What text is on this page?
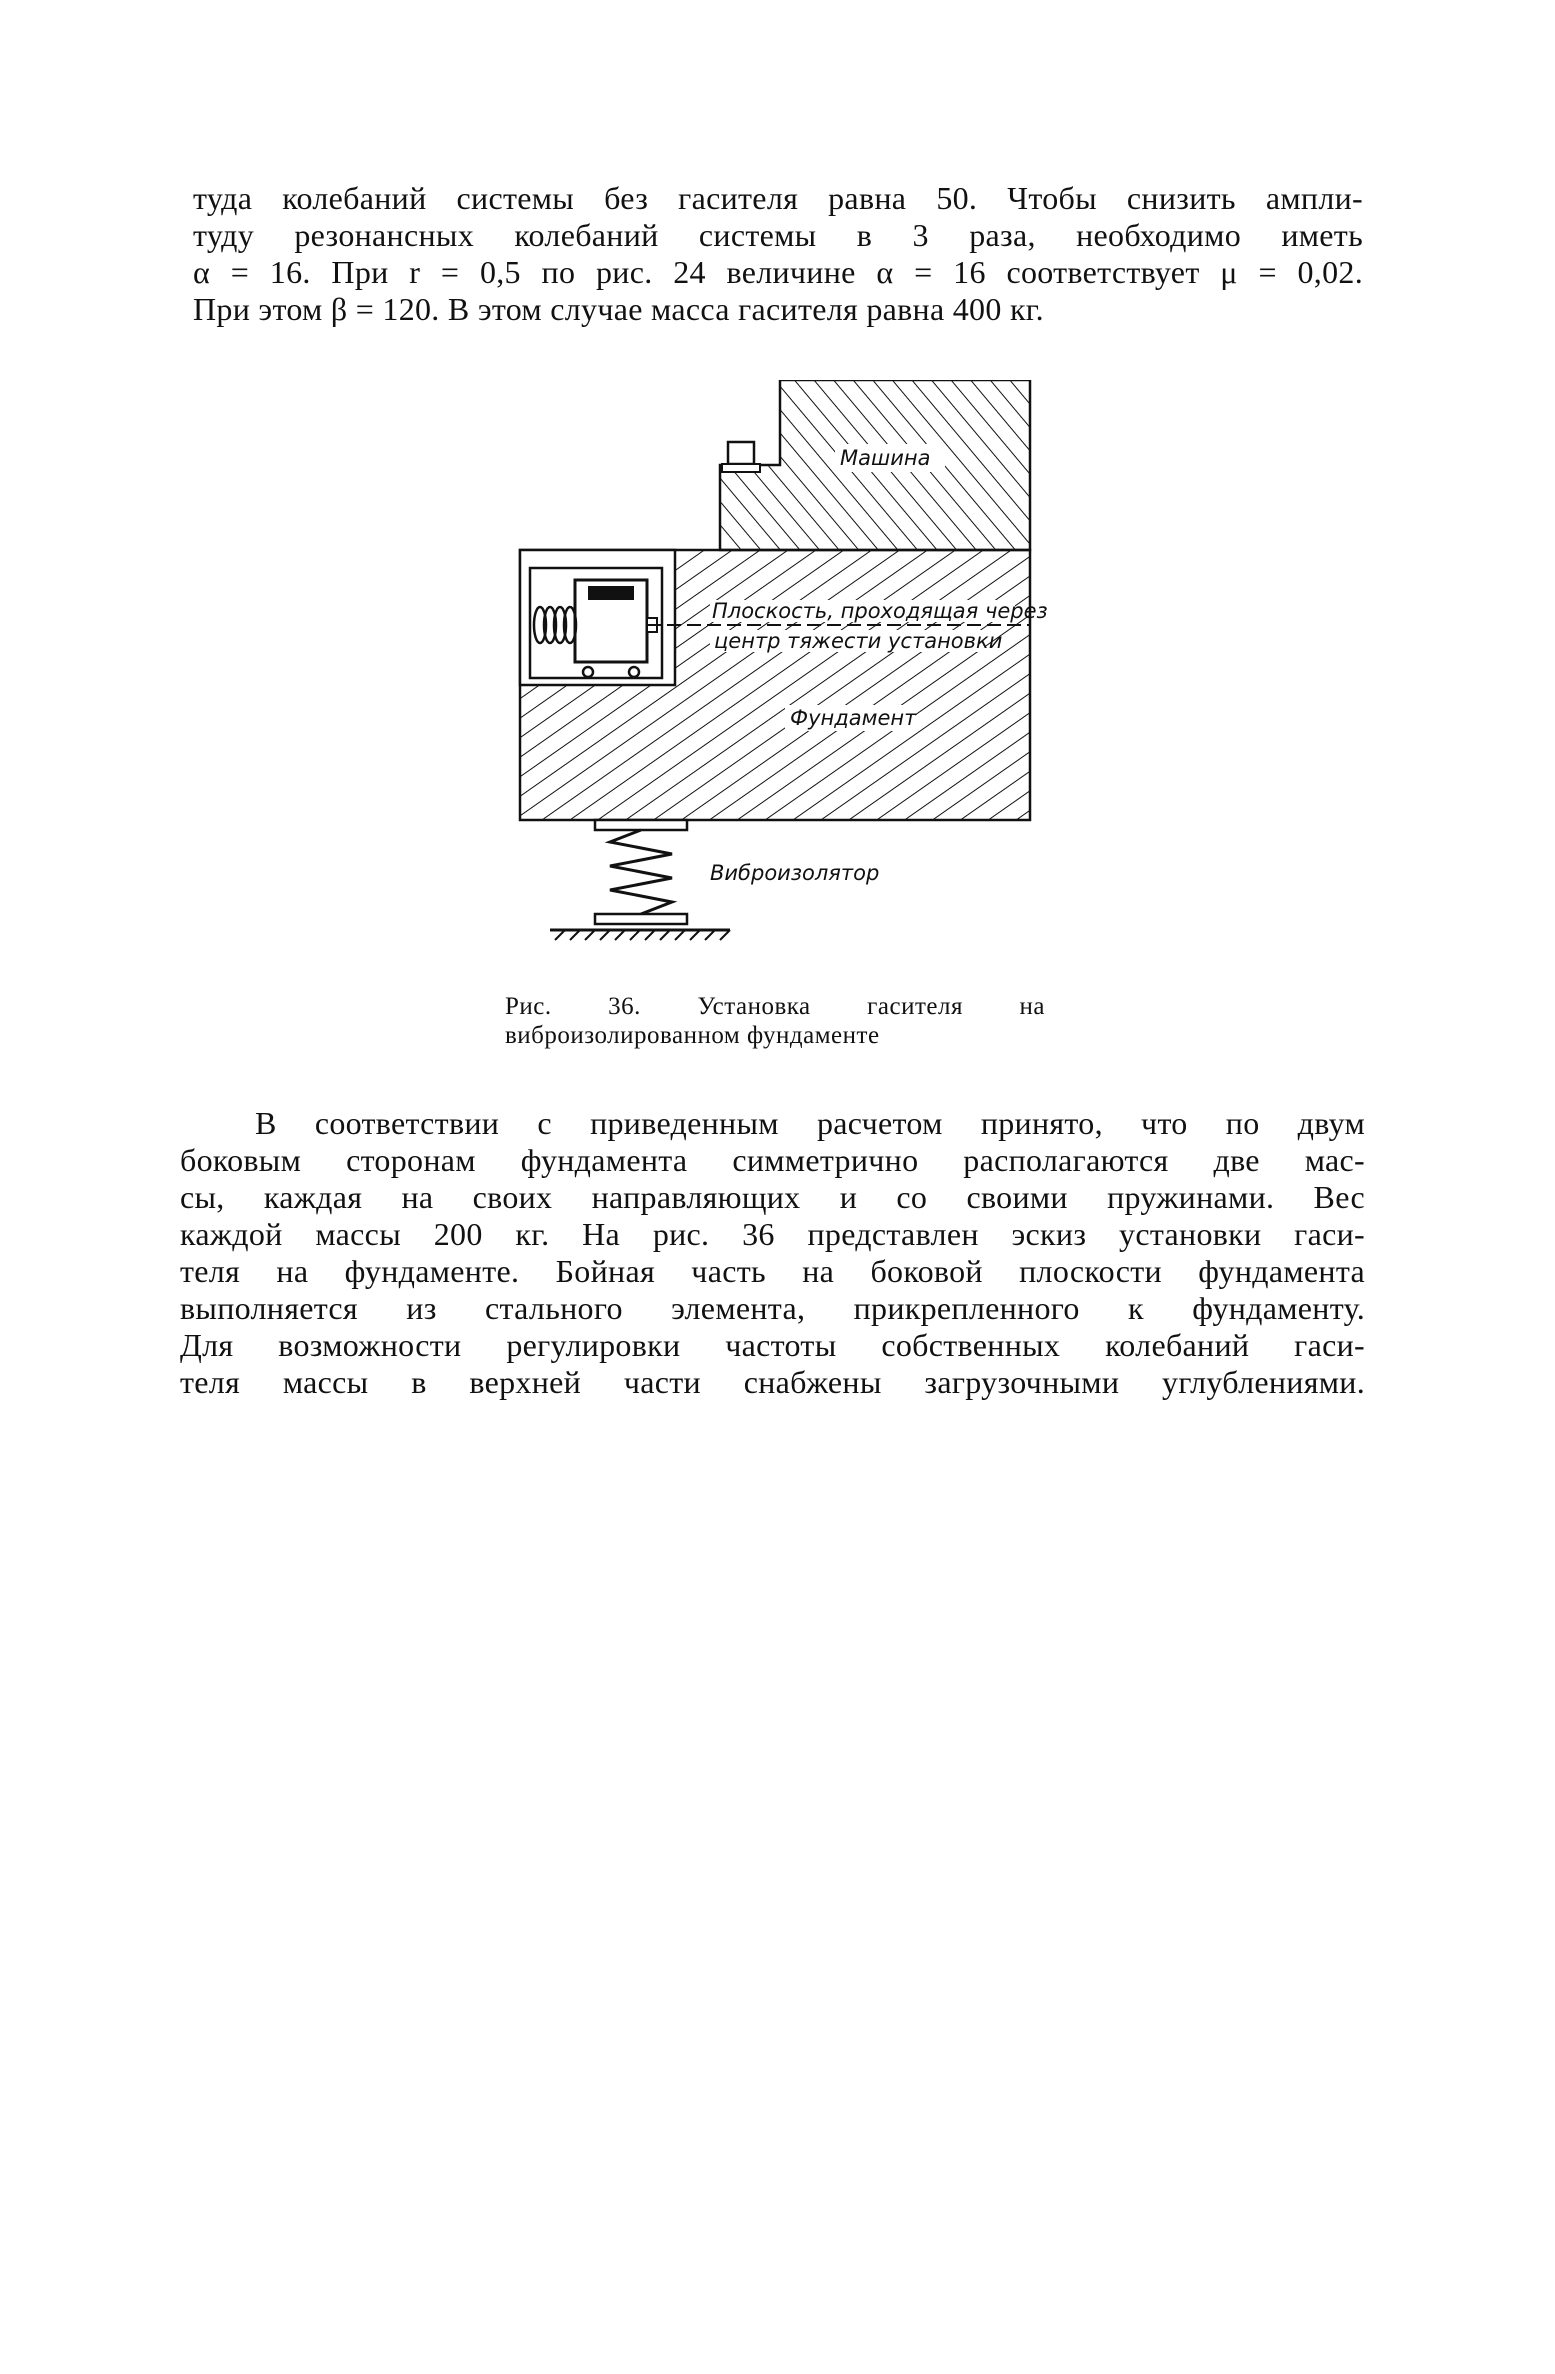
туда колебаний системы без гасителя равна 50. Чтобы снизить ампли-
туду резонансных колебаний системы в 3 раза, необходимо иметь
α = 16. При r = 0,5 по рис. 24 величине α = 16 соответствует μ = 0,02.
При этом β = 120. В этом случае масса гасителя равна 400 кг.
Машина
Плоскость, проходящая через
центр тяжести установки
Фундамент
Виброизолятор
Рис. 36. Установка гасителя на
виброизолированном фундаменте
В соответствии с приведенным расчетом принято, что по двум
боковым сторонам фундамента симметрично располагаются две мас-
сы, каждая на своих направляющих и со своими пружинами. Вес
каждой массы 200 кг. На рис. 36 представлен эскиз установки гаси-
теля на фундаменте. Бойная часть на боковой плоскости фундамента
выполняется из стального элемента, прикрепленного к фундаменту.
Для возможности регулировки частоты собственных колебаний гаси-
теля массы в верхней части снабжены загрузочными углублениями.
